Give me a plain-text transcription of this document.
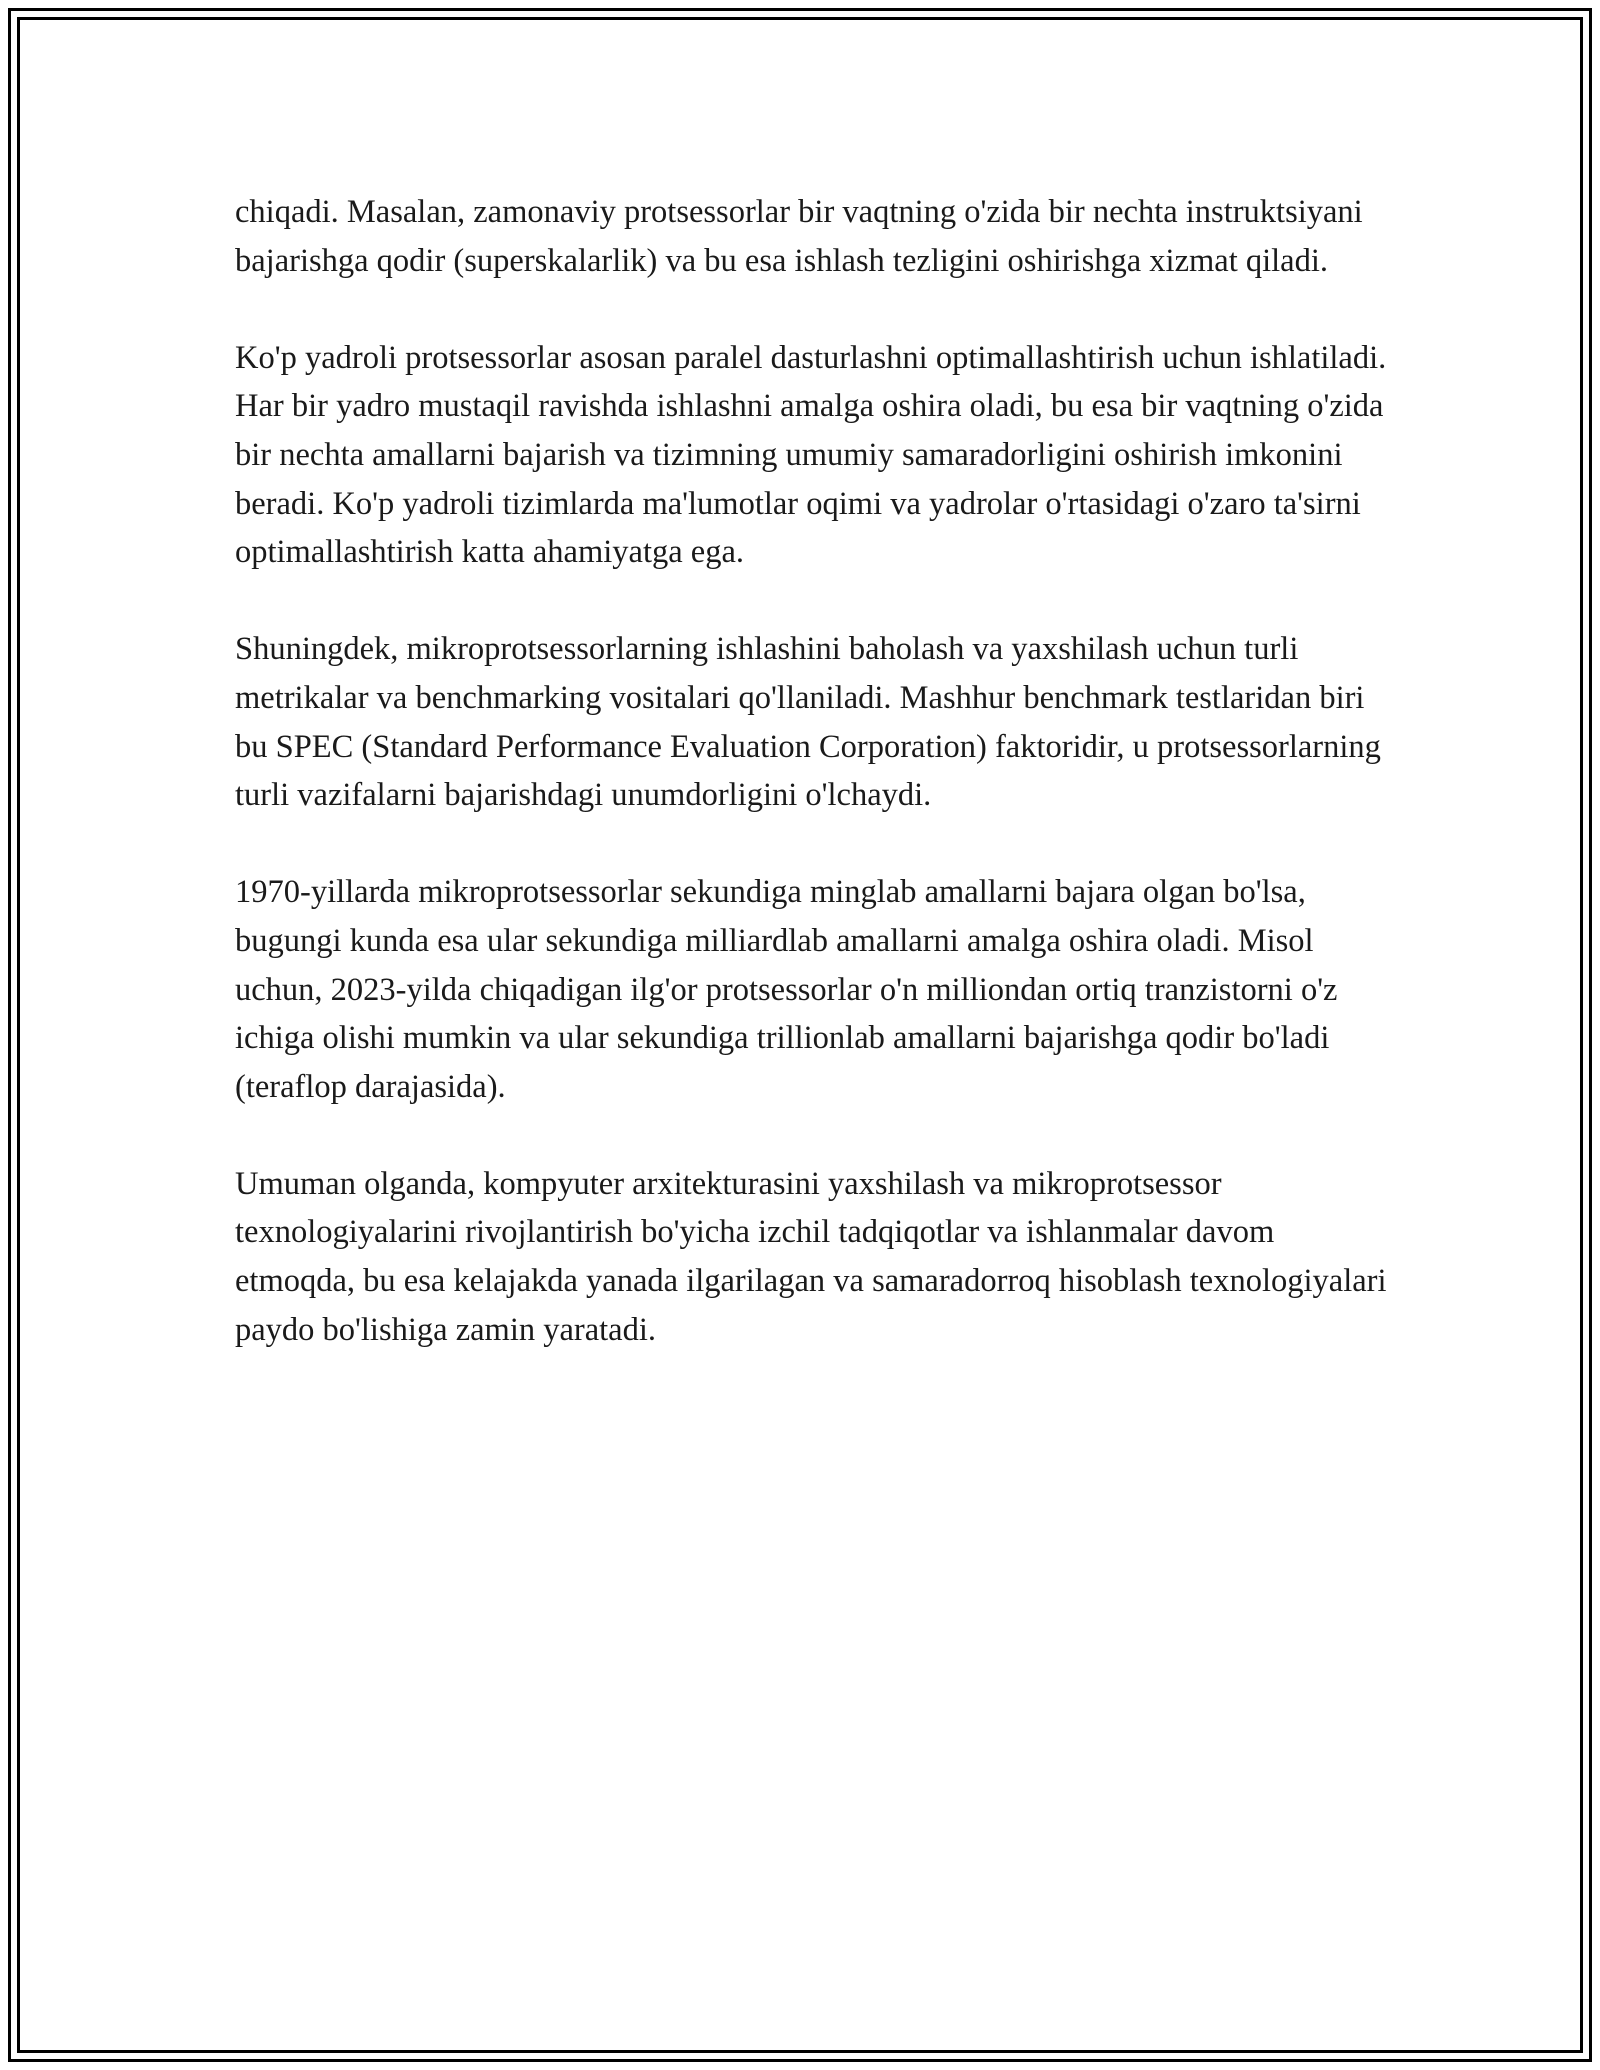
chiqadi. Masalan, zamonaviy protsessorlar bir vaqtning o'zida bir nechta instruktsiyani bajarishga qodir (superskalarlik) va bu esa ishlash tezligini oshirishga xizmat qiladi.

Ko'p yadroli protsessorlar asosan paralel dasturlashni optimallashtirish uchun ishlatiladi. Har bir yadro mustaqil ravishda ishlashni amalga oshira oladi, bu esa bir vaqtning o'zida bir nechta amallarni bajarish va tizimning umumiy samaradorligini oshirish imkonini beradi. Ko'p yadroli tizimlarda ma'lumotlar oqimi va yadrolar o'rtasidagi o'zaro ta'sirni optimallashtirish katta ahamiyatga ega.

Shuningdek, mikroprotsessorlarning ishlashini baholash va yaxshilash uchun turli metrikalar va benchmarking vositalari qo'llaniladi. Mashhur benchmark testlaridan biri bu SPEC (Standard Performance Evaluation Corporation) faktoridir, u protsessorlarning turli vazifalarni bajarishdagi unumdorligini o'lchaydi.

1970-yillarda mikroprotsessorlar sekundiga minglab amallarni bajara olgan bo'lsa, bugungi kunda esa ular sekundiga milliardlab amallarni amalga oshira oladi. Misol uchun, 2023-yilda chiqadigan ilg'or protsessorlar o'n milliondan ortiq tranzistorni o'z ichiga olishi mumkin va ular sekundiga trillionlab amallarni bajarishga qodir bo'ladi (teraflop darajasida).

Umuman olganda, kompyuter arxitekturasini yaxshilash va mikroprotsessor texnologiyalarini rivojlantirish bo'yicha izchil tadqiqotlar va ishlanmalar davom etmoqda, bu esa kelajakda yanada ilgarilagan va samaradorroq hisoblash texnologiyalari paydo bo'lishiga zamin yaratadi.
